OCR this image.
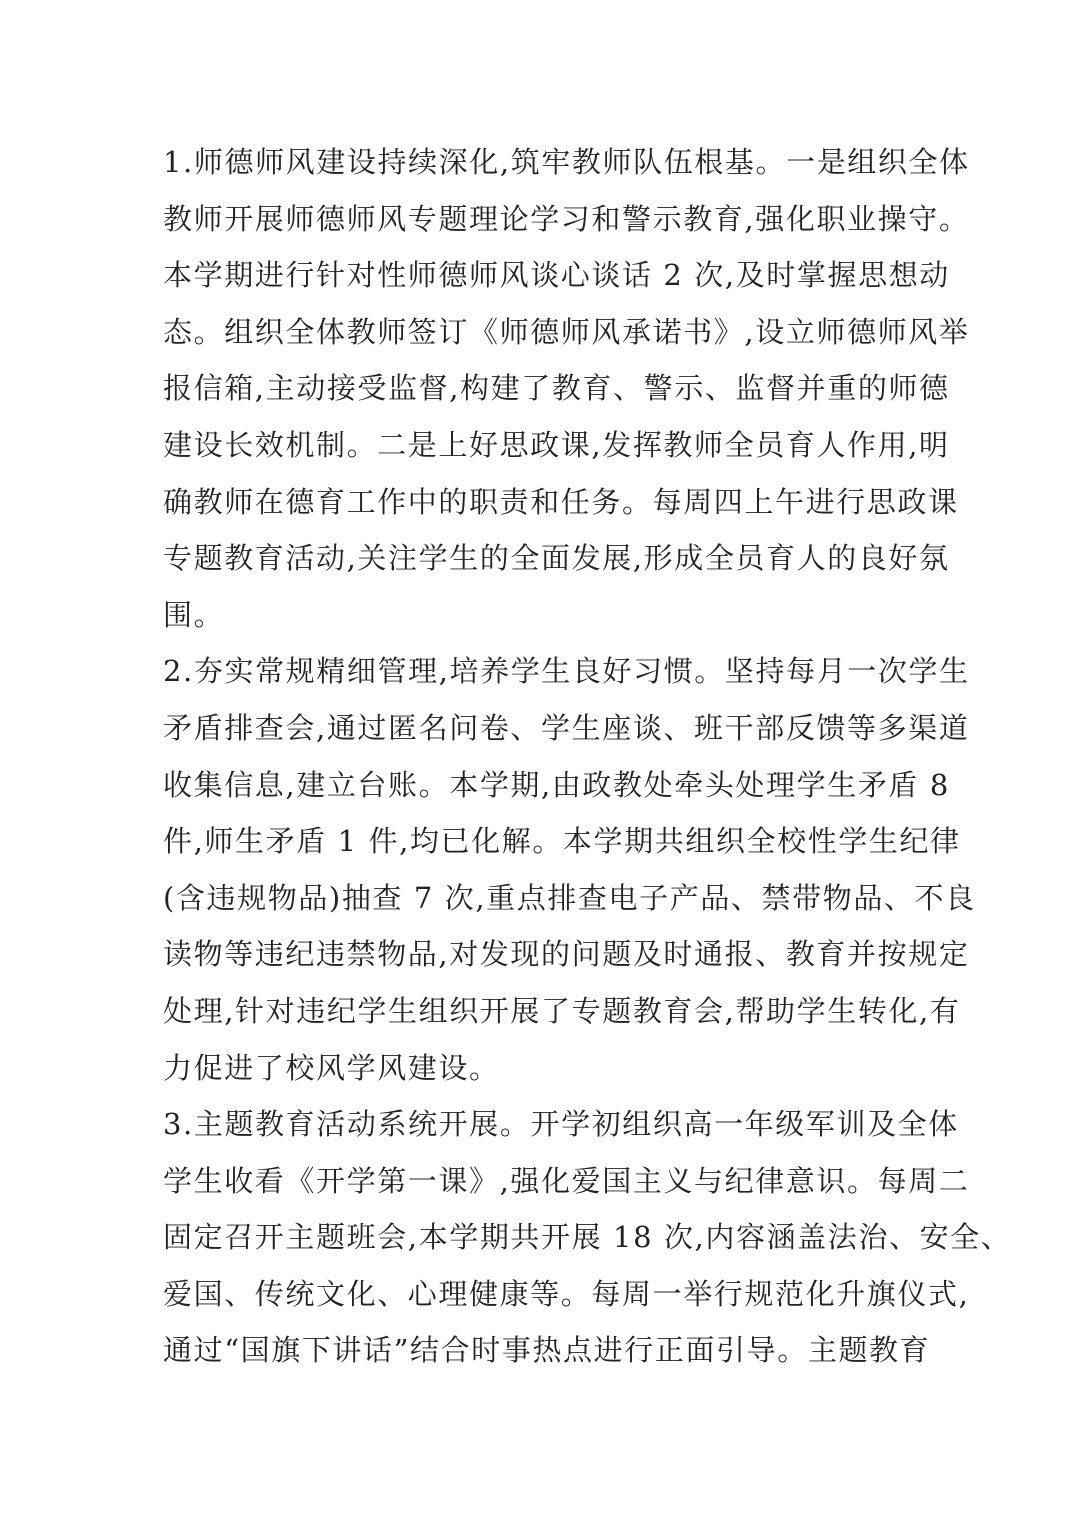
1.师德师风建设持续深化,筑牢教师队伍根基。一是组织全体
教师开展师德师风专题理论学习和警示教育,强化职业操守。
本学期进行针对性师德师风谈心谈话 2 次,及时掌握思想动
态。组织全体教师签订《师德师风承诺书》,设立师德师风举
报信箱,主动接受监督,构建了教育、警示、监督并重的师德
建设长效机制。二是上好思政课,发挥教师全员育人作用,明
确教师在德育工作中的职责和任务。每周四上午进行思政课
专题教育活动,关注学生的全面发展,形成全员育人的良好氛
围。
2.夯实常规精细管理,培养学生良好习惯。坚持每月一次学生
矛盾排查会,通过匿名问卷、学生座谈、班干部反馈等多渠道
收集信息,建立台账。本学期,由政教处牵头处理学生矛盾 8
件,师生矛盾 1 件,均已化解。本学期共组织全校性学生纪律
(含违规物品)抽查 7 次,重点排查电子产品、禁带物品、不良
读物等违纪违禁物品,对发现的问题及时通报、教育并按规定
处理,针对违纪学生组织开展了专题教育会,帮助学生转化,有
力促进了校风学风建设。
3.主题教育活动系统开展。开学初组织高一年级军训及全体
学生收看《开学第一课》,强化爱国主义与纪律意识。每周二
固定召开主题班会,本学期共开展 18 次,内容涵盖法治、安全、
爱国、传统文化、心理健康等。每周一举行规范化升旗仪式,
通过“国旗下讲话”结合时事热点进行正面引导。主题教育
